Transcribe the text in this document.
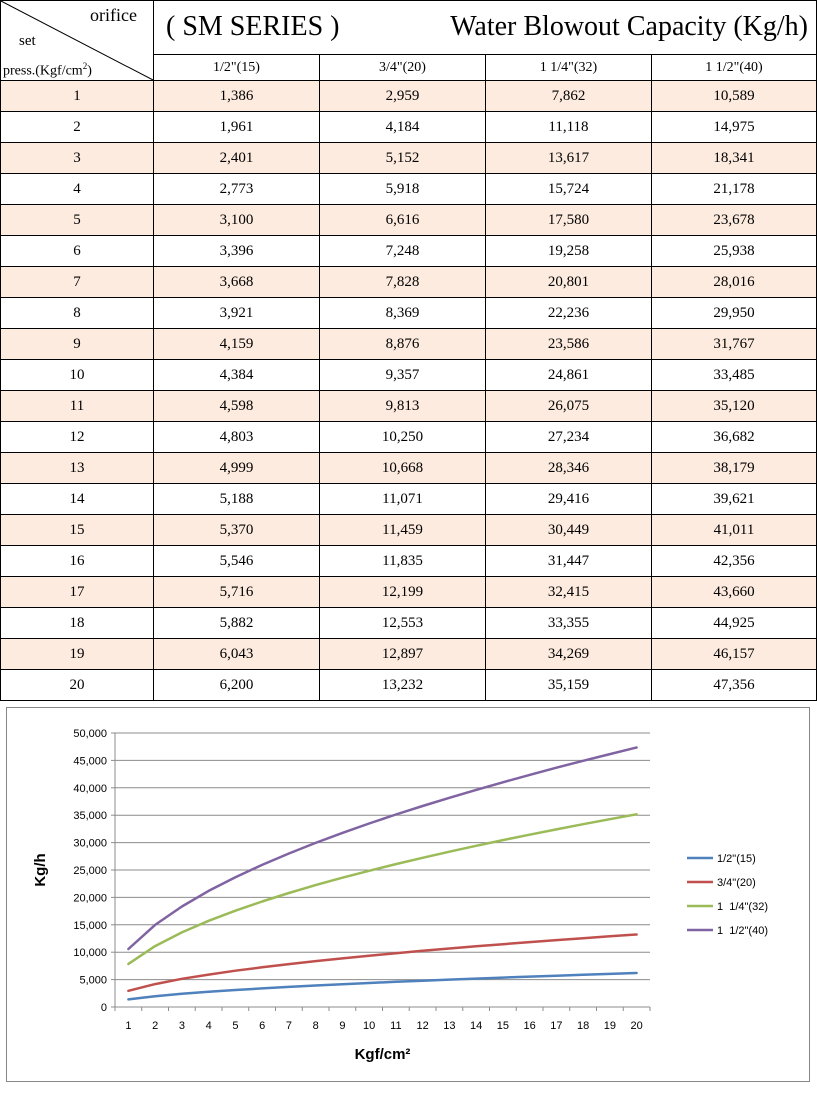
orifice
set
$press.(Kgf/cm^2)$	( SM SERIES ) Water Blowout Capacity (Kg/h)			

	1/2"(15)	3/4"(20)	1 1/4"(32)	1 1/2"(40)
1	1,386	2,959	7,862	10,589
2	1,961	4,184	11,118	14,975
3	2,401	5,152	13,617	18,341
4	2,773	5,918	15,724	21,178
5	3,100	6,616	17,580	23,678
6	3,396	7,248	19,258	25,938
7	3,668	7,828	20,801	28,016
8	3,921	8,369	22,236	29,950
9	4,159	8,876	23,586	31,767
10	4,384	9,357	24,861	33,485
11	4,598	9,813	26,075	35,120
12	4,803	10,250	27,234	36,682
13	4,999	10,668	28,346	38,179
14	5,188	11,071	29,416	39,621
15	5,370	11,459	30,449	41,011
16	5,546	11,835	31,447	42,356
17	5,716	12,199	32,415	43,660
18	5,882	12,553	33,355	44,925
19	6,043	12,897	34,269	46,157
20	6,200	13,232	35,159	47,356
0
5,000
10,000
15,000
20,000
25,000
30,000
35,000
40,000
45,000
50,000
1 2 3 4 5 6 7 8 9 10 11 12 13 14 15 16 17 18 19 20
Kgf/cm²
Kg/h	1/2"(15)
3/4"(20)
1  1/4"(32)
1  1/2"(40)
